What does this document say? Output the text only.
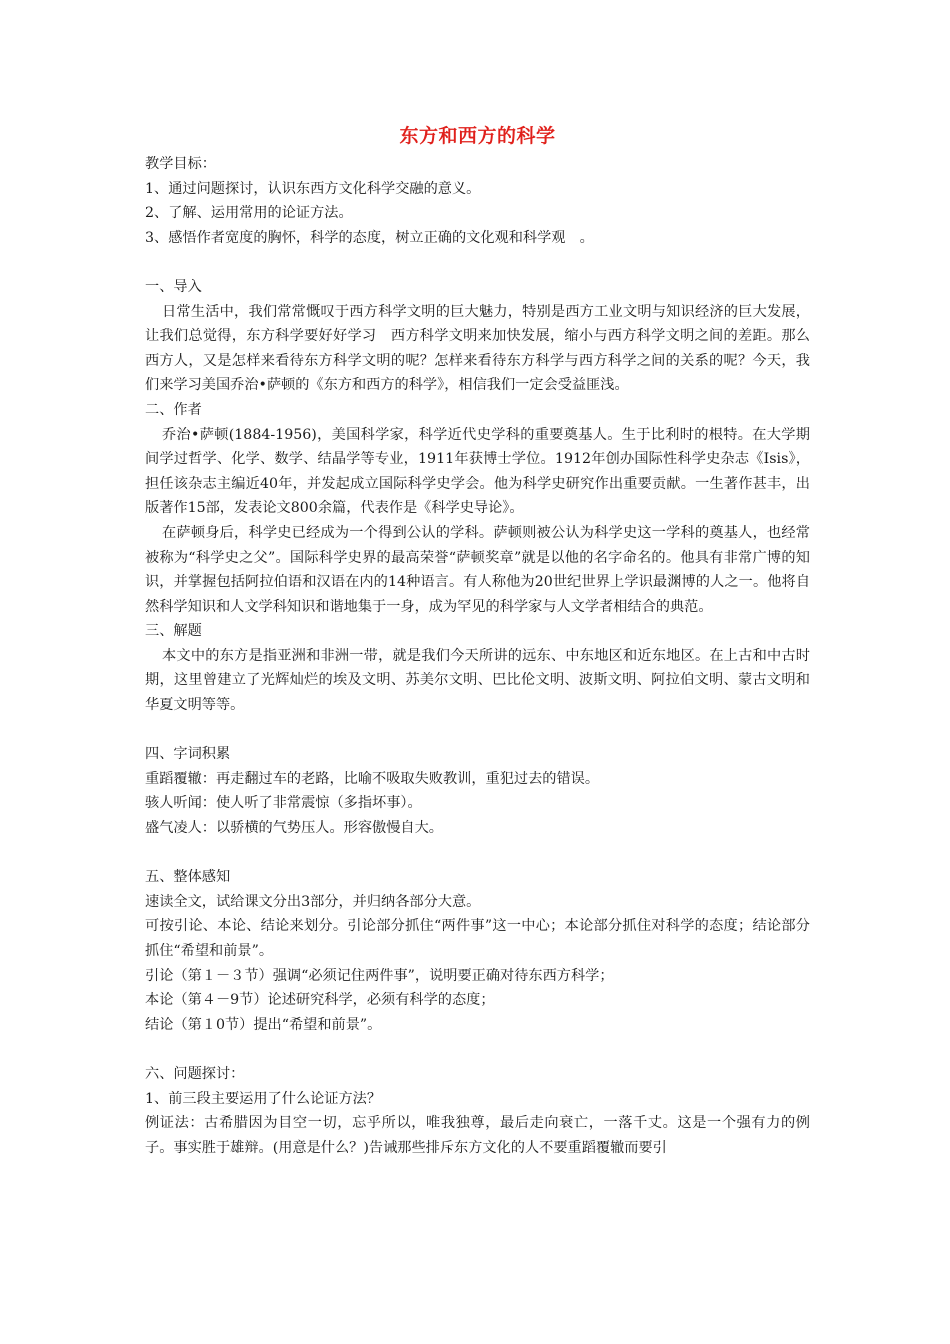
东方和西方的科学

教学目标：

1、通过问题探讨，认识东西方文化科学交融的意义。

2、了解、运用常用的论证方法。

3、感悟作者宽度的胸怀，科学的态度，树立正确的文化观和科学观　。

一、导入

日常生活中，我们常常慨叹于西方科学文明的巨大魅力，特别是西方工业文明与知识经济的巨大发展，让我们总觉得，东方科学要好好学习　西方科学文明来加快发展，缩小与西方科学文明之间的差距。那么西方人，又是怎样来看待东方科学文明的呢？怎样来看待东方科学与西方科学之间的关系的呢？今天，我们来学习美国乔治•萨顿的《东方和西方的科学》，相信我们一定会受益匪浅。

二、作者

乔治•萨顿(1884-1956)，美国科学家，科学近代史学科的重要奠基人。生于比利时的根特。在大学期间学过哲学、化学、数学、结晶学等专业，1911年获博士学位。1912年创办国际性科学史杂志《Isis》，担任该杂志主编近40年，并发起成立国际科学史学会。他为科学史研究作出重要贡献。一生著作甚丰，出版著作15部，发表论文800余篇，代表作是《科学史导论》。

在萨顿身后，科学史已经成为一个得到公认的学科。萨顿则被公认为科学史这一学科的奠基人，也经常被称为“科学史之父”。国际科学史界的最高荣誉“萨顿奖章”就是以他的名字命名的。他具有非常广博的知识，并掌握包括阿拉伯语和汉语在内的14种语言。有人称他为20世纪世界上学识最渊博的人之一。他将自然科学知识和人文学科知识和谐地集于一身，成为罕见的科学家与人文学者相结合的典范。

三、解题

本文中的东方是指亚洲和非洲一带，就是我们今天所讲的远东、中东地区和近东地区。在上古和中古时期，这里曾建立了光辉灿烂的埃及文明、苏美尔文明、巴比伦文明、波斯文明、阿拉伯文明、蒙古文明和华夏文明等等。

四、字词积累

重蹈覆辙：再走翻过车的老路，比喻不吸取失败教训，重犯过去的错误。

骇人听闻：使人听了非常震惊（多指坏事）。

盛气凌人：以骄横的气势压人。形容傲慢自大。

五、整体感知

速读全文，试给课文分出3部分，并归纳各部分大意。

可按引论、本论、结论来划分。引论部分抓住“两件事”这一中心；本论部分抓住对科学的态度；结论部分抓住“希望和前景”。

引论（第１－３节）强调“必须记住两件事”，说明要正确对待东西方科学；

本论（第４－9节）论述研究科学，必须有科学的态度；

结论（第１0节）提出“希望和前景”。

六、问题探讨：

1、前三段主要运用了什么论证方法？

例证法：古希腊因为目空一切，忘乎所以，唯我独尊，最后走向衰亡，一落千丈。这是一个强有力的例子。事实胜于雄辩。(用意是什么？)告诫那些排斥东方文化的人不要重蹈覆辙而要引
